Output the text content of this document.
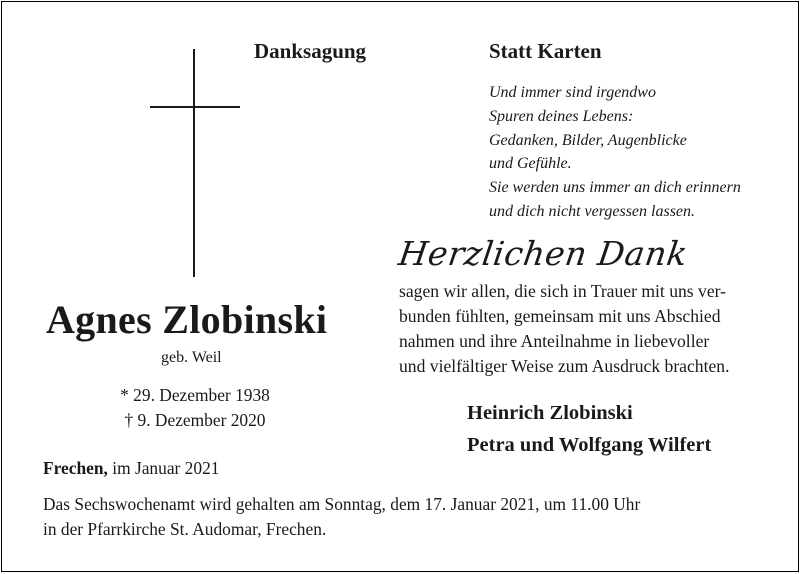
Danksagung	Statt Karten
Und immer sind irgendwo
Spuren deines Lebens:
Gedanken, Bilder, Augenblicke
und Gefühle.
Sie werden uns immer an dich erinnern
und dich nicht vergessen lassen.
Herzlichen Dank
sagen wir allen, die sich in Trauer mit uns ver-
bunden fühlten, gemeinsam mit uns Abschied
nahmen und ihre Anteilnahme in liebevoller
und vielfältiger Weise zum Ausdruck brachten.
Agnes Zlobinski
geb. Weil
* 29. Dezember 1938
† 9. Dezember 2020	Heinrich Zlobinski
Petra und Wolfgang Wilfert
Frechen, im Januar 2021
Das Sechswochenamt wird gehalten am Sonntag, dem 17. Januar 2021, um 11.00 Uhr
in der Pfarrkirche St. Audomar, Frechen.
